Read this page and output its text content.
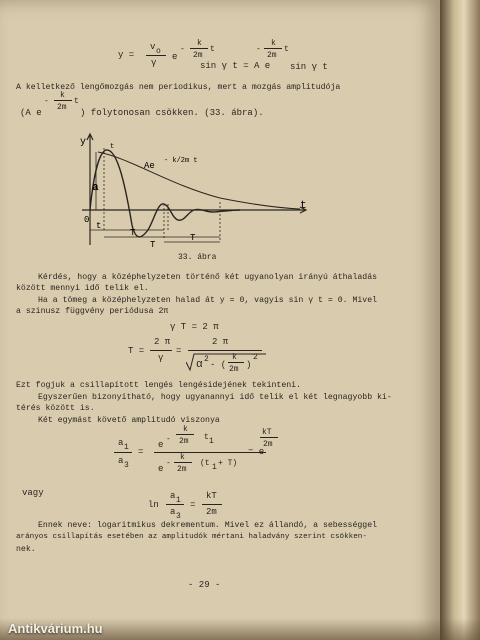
y =
v o
γ
e
-
k
2m
t
sin γ t = A e
-
k
2m
t
sin γ t
A kelletkező lengőmozgás nem periodikus, mert a mozgás amplitudója
(A e
-
k
2m
t
) folytonosan csökken. (33. ábra).
y
t
a
0
t
T
T
T
Ae - k/2m t
t
33. ábra
Kérdés, hogy a középhelyzeten történő két ugyanolyan irányú áthaladás
között mennyi idő telik el.
Ha a tömeg a középhelyzeten halad át y = 0, vagyis sin γ t = 0. Mivel
a szinusz függvény periódusa 2π
γ T = 2 π
T =
2 π
γ
=
2 π
α 2
- (
k
2m )
2
Ezt fogjuk a csillapított lengés lengésidejének tekinteni.
Egyszerűen bizonyítható, hogy ugyanannyi idő telik el két legnagyobb ki-
térés között is.
Két egymást követő amplitudó viszonya
a 1
a 3
=
e
-
k
2m t 1
e
-
k
2m
(t 1 + T)
= e
kT
2m
vagy
ln
a 1
a 3
=
kT
2m
Ennek neve: logaritmikus dekrementum. Mivel ez állandó, a sebességgel
arányos csillapítás esetében az amplitudók mértani haladvány szerint csökken-
nek.
- 29 -
Antikvárium.hu
